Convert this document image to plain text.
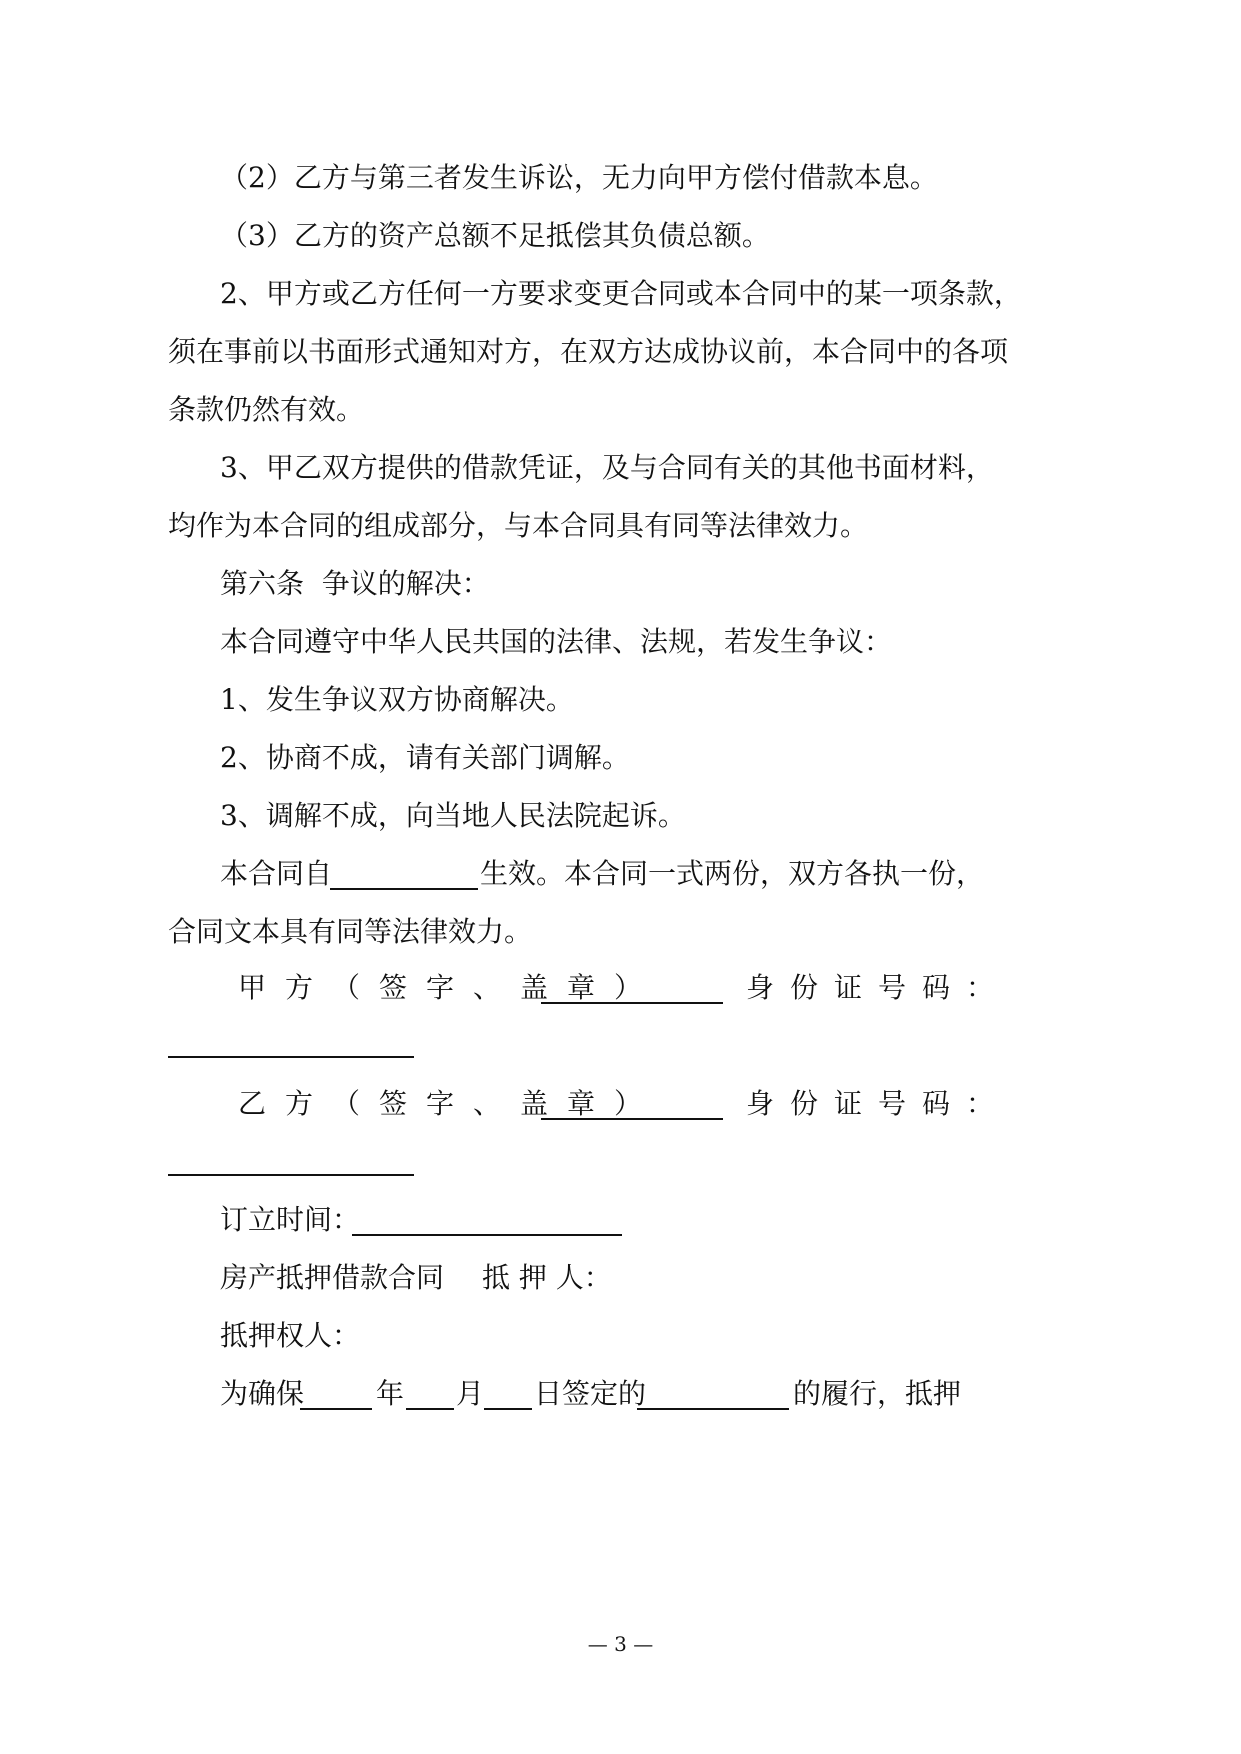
（2）乙方与第三者发生诉讼，无力向甲方偿付借款本息。
（3）乙方的资产总额不足抵偿其负债总额。
2、甲方或乙方任何一方要求变更合同或本合同中的某一项条款，
须在事前以书面形式通知对方，在双方达成协议前，本合同中的各项
条款仍然有效。
3、甲乙双方提供的借款凭证，及与合同有关的其他书面材料，
均作为本合同的组成部分，与本合同具有同等法律效力。
第六条  争议的解决：
本合同遵守中华人民共国的法律、法规，若发生争议：
1、发生争议双方协商解决。
2、协商不成，请有关部门调解。
3、调解不成，向当地人民法院起诉。
本合同自	生效。本合同一式两份，双方各执一份，
合同文本具有同等法律效力。
甲方（签字、盖章）	身份证号码：
乙方（签字、盖章）	身份证号码：
订立时间：
房产抵押借款合同 抵 押 人：
抵押权人：
为确保	年 月 日签定的	的履行，抵押
— 3 —
